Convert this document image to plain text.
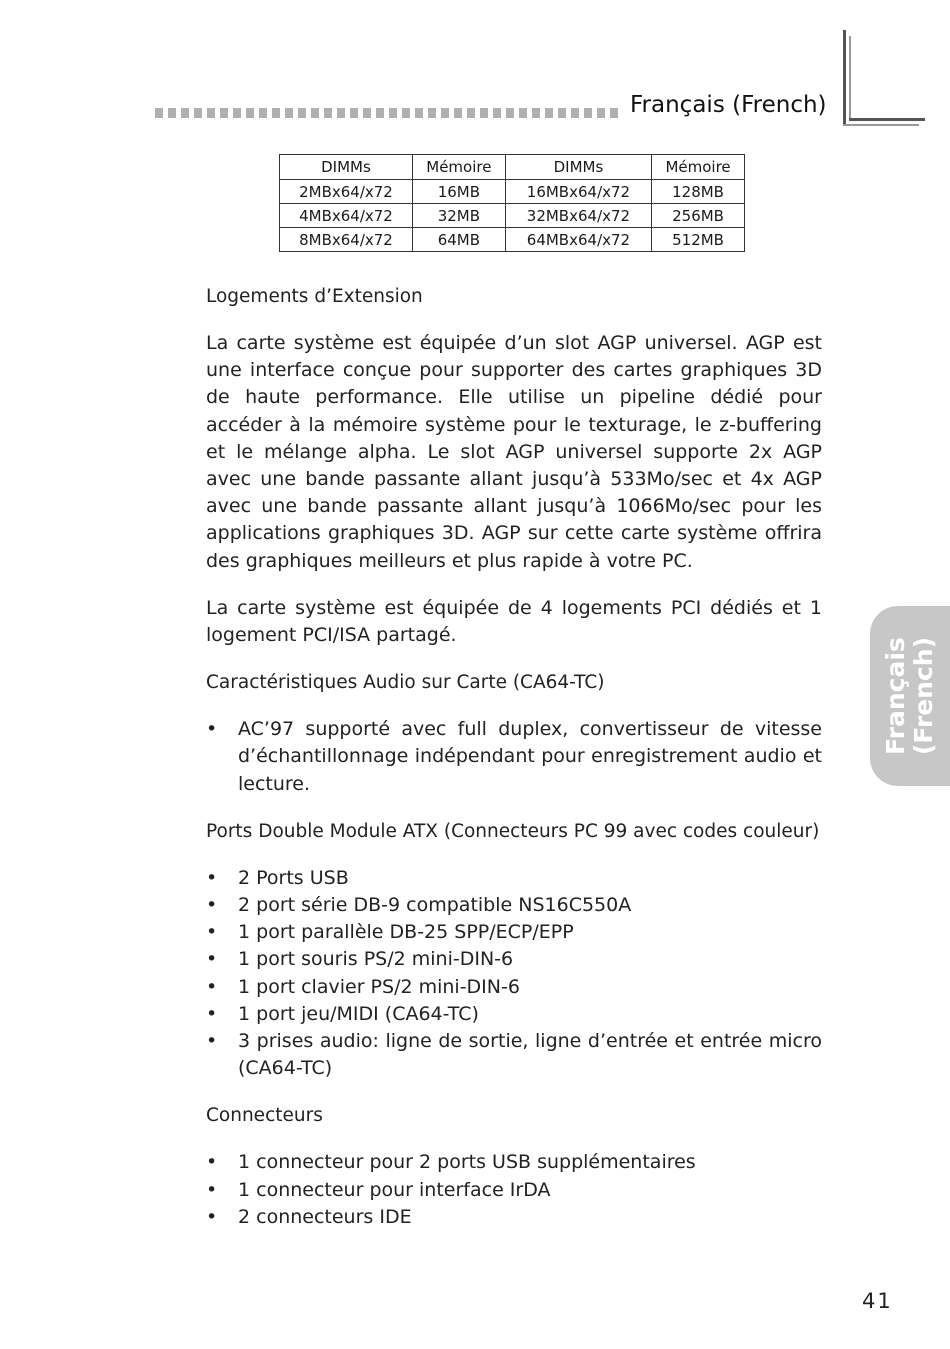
Français (French)
DIMMs	Mémoire	DIMMs	Mémoire
2MBx64/x72	16MB	16MBx64/x72	128MB
4MBx64/x72	32MB	32MBx64/x72	256MB
8MBx64/x72	64MB	64MBx64/x72	512MB
Français (French)
Logements d’Extension

La carte système est équipée d’un slot AGP universel. AGP est une interface conçue pour supporter des cartes graphiques 3D de haute performance. Elle utilise un pipeline dédié pour accéder à la mémoire système pour le texturage, le z-buffering et le mélange alpha. Le slot AGP universel supporte 2x AGP avec une bande passante allant jusqu’à 533Mo/sec et 4x AGP avec une bande passante allant jusqu’à 1066Mo/sec pour les applications graphiques 3D. AGP sur cette carte système offrira des graphiques meilleurs et plus rapide à votre PC.

La carte système est équipée de 4 logements PCI dédiés et 1 logement PCI/ISA partagé.

Caractéristiques Audio sur Carte (CA64-TC)
• AC’97 supporté avec full duplex, convertisseur de vitesse d’échantillonnage indépendant pour enregistrement audio et lecture.
Ports Double Module ATX (Connecteurs PC 99 avec codes couleur)
• 2 Ports USB
• 2 port série DB-9 compatible NS16C550A
• 1 port parallèle DB-25 SPP/ECP/EPP
• 1 port souris PS/2 mini-DIN-6
• 1 port clavier PS/2 mini-DIN-6
• 1 port jeu/MIDI (CA64-TC)
• 3 prises audio: ligne de sortie, ligne d’entrée et entrée micro (CA64-TC)
Connecteurs
• 1 connecteur pour 2 ports USB supplémentaires
• 1 connecteur pour interface IrDA
• 2 connecteurs IDE
41
